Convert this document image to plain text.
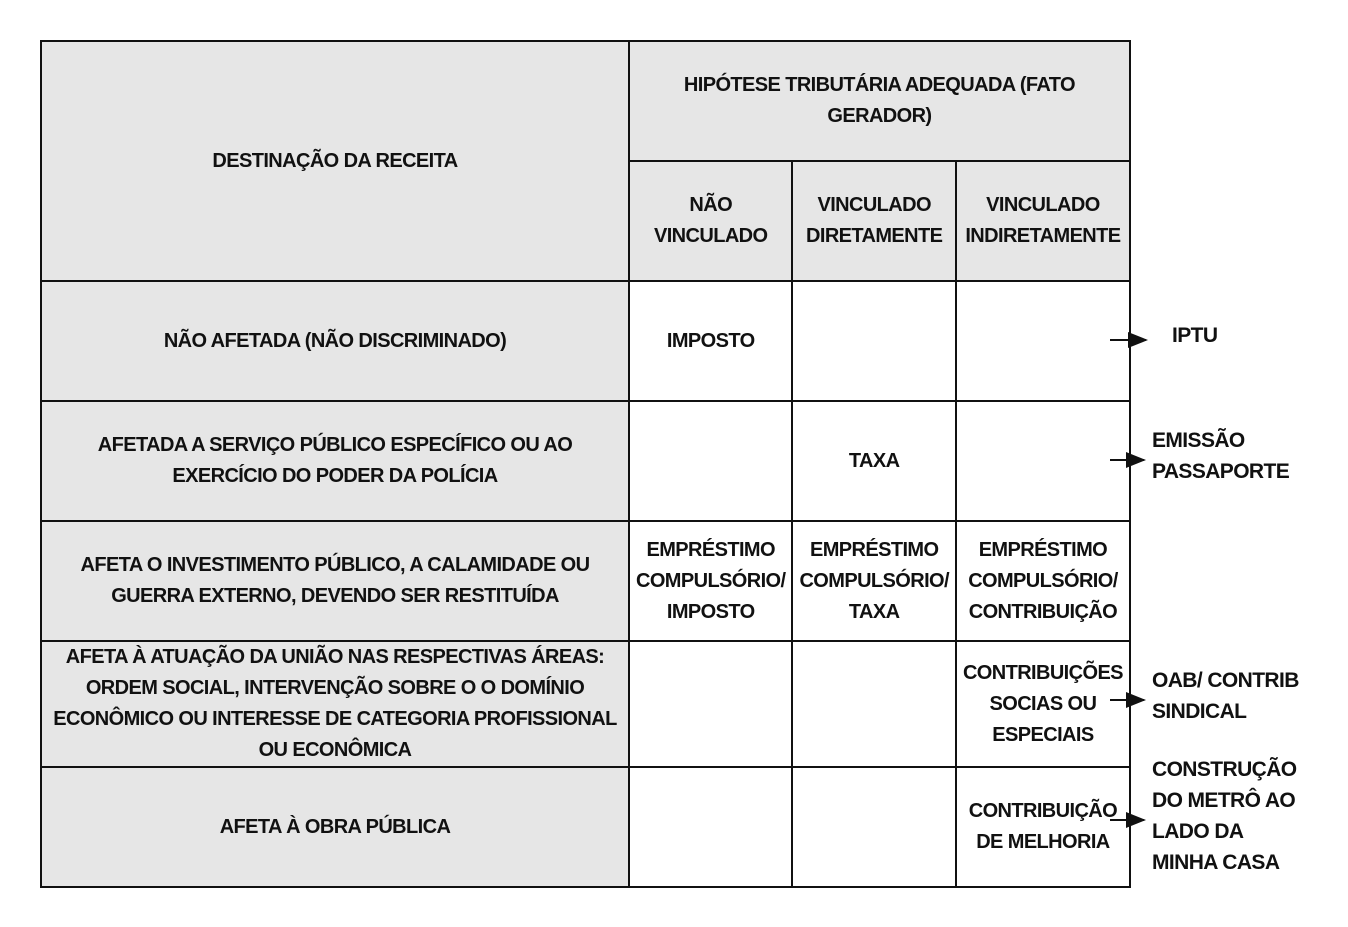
DESTINAÇÃO DA RECEITA	HIPÓTESE TRIBUTÁRIA ADEQUADA (FATO GERADOR)		
	NÃO VINCULADO	VINCULADO DIRETAMENTE	VINCULADO INDIRETAMENTE
NÃO AFETADA (NÃO DISCRIMINADO)	IMPOSTO		
AFETADA A SERVIÇO PÚBLICO ESPECÍFICO OU AO EXERCÍCIO DO PODER DA POLÍCIA		TAXA	
AFETA O INVESTIMENTO PÚBLICO, A CALAMIDADE OU GUERRA EXTERNO, DEVENDO SER RESTITUÍDA	EMPRÉSTIMO COMPULSÓRIO/ IMPOSTO	EMPRÉSTIMO COMPULSÓRIO/ TAXA	EMPRÉSTIMO COMPULSÓRIO/ CONTRIBUIÇÃO
AFETA À ATUAÇÃO DA UNIÃO NAS RESPECTIVAS ÁREAS: ORDEM SOCIAL, INTERVENÇÃO SOBRE O O DOMÍNIO ECONÔMICO OU INTERESSE DE CATEGORIA PROFISSIONAL OU ECONÔMICA			CONTRIBUIÇÕES SOCIAS OU ESPECIAIS
AFETA À OBRA PÚBLICA			CONTRIBUIÇÃO DE MELHORIA
IPTU
EMISSÃO PASSAPORTE
OAB/ CONTRIB SINDICAL
CONSTRUÇÃO DO METRÔ AO LADO DA MINHA CASA
